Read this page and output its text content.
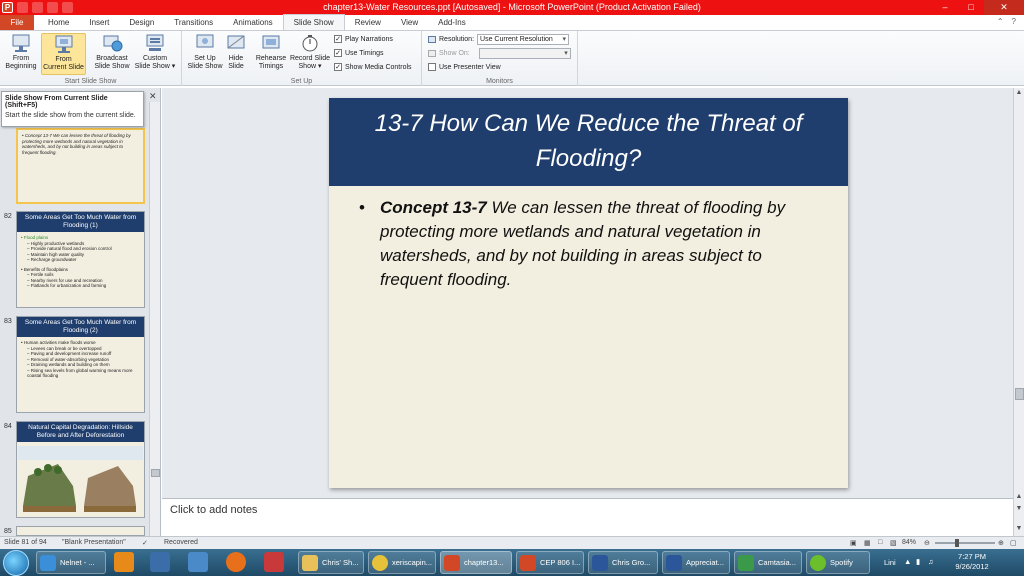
P	chapter13-Water Resources.ppt [Autosaved] - Microsoft PowerPoint (Product Activation Failed)	–	□	✕
File	Home	Insert	Design	Transitions	Animations	Slide Show	Review	View	Add-Ins	⌃ ?
From
Beginning
From
Current Slide
Broadcast
Slide Show
Custom
Slide Show ▾
Start Slide Show
Set Up
Slide Show
Hide
Slide
Rehearse
Timings
Record Slide
Show ▾
✓ Play Narrations
✓ Use Timings
✓ Show Media Controls
Set Up
Resolution: Use Current Resolution ▾
Show On:
▾
Use Presenter View
Monitors
Slide Show From Current Slide (Shift+F5)
Start the slide show from the current slide.
✕
• Concept 13-7 We can lessen the threat of flooding by protecting more wetlands and natural vegetation in watersheds, and by not building in areas subject to frequent flooding.
82	Some Areas Get Too Much Water from Flooding (1)
• Flood plains
– Highly productive wetlands
– Provide natural flood and erosion control
– Maintain high water quality
– Recharge groundwater
• Benefits of floodplains
– Fertile soils
– Nearby rivers for use and recreation
– Flatlands for urbanization and farming
83	Some Areas Get Too Much Water from Flooding (2)
• Human activities make floods worse
– Levees can break or be overtopped
– Paving and development increase runoff
– Removal of water-absorbing vegetation
– Draining wetlands and building on them
– Rising sea levels from global warming means more coastal flooding
84	Natural Capital Degradation: Hillside Before and After Deforestation
85
13-7 How Can We Reduce the Threat of Flooding?
• Concept 13-7 We can lessen the threat of flooding by protecting more wetlands and natural vegetation in watersheds, and by not building in areas subject to frequent flooding.
▲
▲
▼
▼
Click to add notes
Slide 81 of 94 "Blank Presentation" ✓ Recovered	▣ ▦ □ ▧ 84% ⊖	⊕ ▢
Nelnet - ...	Chris' Sh...	xeriscapin...	chapter13...	CEP 806 I...	Chris Gro...	Appreciat...	Camtasia...	Spotify	Lini ▲ ▮ ♫
7:27 PM
9/26/2012
